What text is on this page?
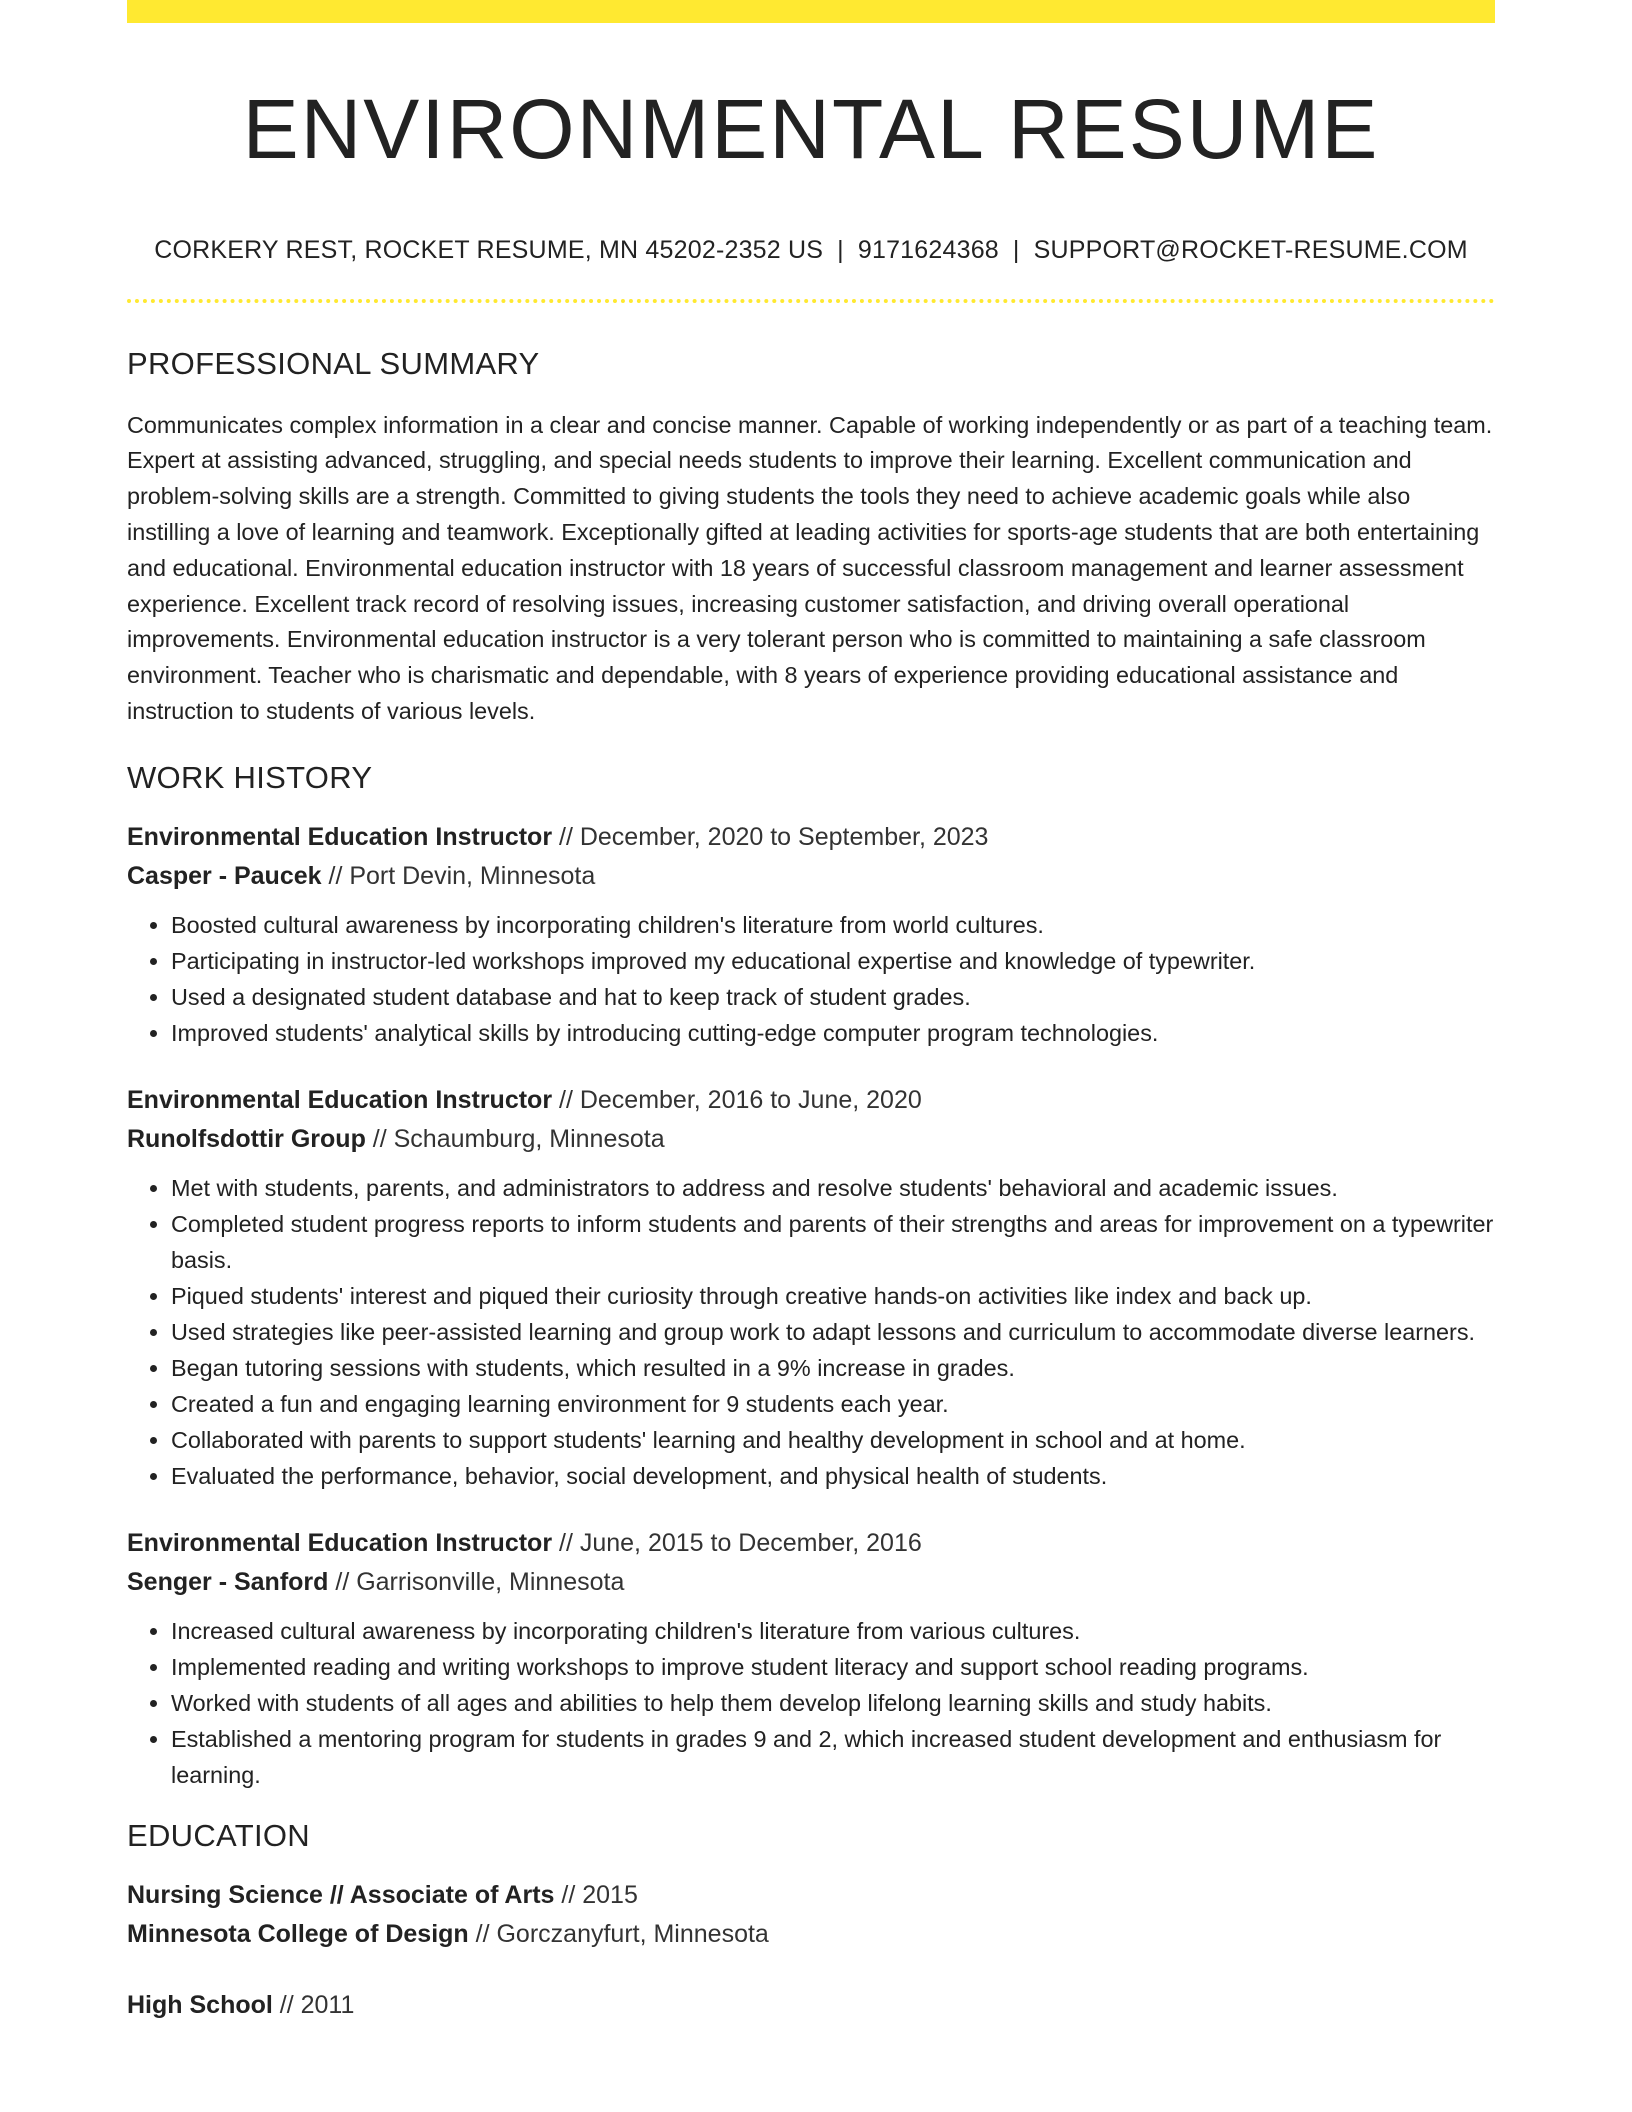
ENVIRONMENTAL RESUME
CORKERY REST, ROCKET RESUME, MN 45202-2352 US | 9171624368 | SUPPORT@ROCKET-RESUME.COM
PROFESSIONAL SUMMARY

Communicates complex information in a clear and concise manner. Capable of working independently or as part of a teaching team. Expert at assisting advanced, struggling, and special needs students to improve their learning. Excellent communication and problem-solving skills are a strength. Committed to giving students the tools they need to achieve academic goals while also instilling a love of learning and teamwork. Exceptionally gifted at leading activities for sports-age students that are both entertaining and educational. Environmental education instructor with 18 years of successful classroom management and learner assessment experience. Excellent track record of resolving issues, increasing customer satisfaction, and driving overall operational improvements. Environmental education instructor is a very tolerant person who is committed to maintaining a safe classroom environment. Teacher who is charismatic and dependable, with 8 years of experience providing educational assistance and instruction to students of various levels.

WORK HISTORY
Environmental Education Instructor // December, 2020 to September, 2023
Casper - Paucek // Port Devin, Minnesota
• Boosted cultural awareness by incorporating children's literature from world cultures.
• Participating in instructor-led workshops improved my educational expertise and knowledge of typewriter.
• Used a designated student database and hat to keep track of student grades.
• Improved students' analytical skills by introducing cutting-edge computer program technologies.
Environmental Education Instructor // December, 2016 to June, 2020
Runolfsdottir Group // Schaumburg, Minnesota
• Met with students, parents, and administrators to address and resolve students' behavioral and academic issues.
• Completed student progress reports to inform students and parents of their strengths and areas for improvement on a typewriter basis.
• Piqued students' interest and piqued their curiosity through creative hands-on activities like index and back up.
• Used strategies like peer-assisted learning and group work to adapt lessons and curriculum to accommodate diverse learners.
• Began tutoring sessions with students, which resulted in a 9% increase in grades.
• Created a fun and engaging learning environment for 9 students each year.
• Collaborated with parents to support students' learning and healthy development in school and at home.
• Evaluated the performance, behavior, social development, and physical health of students.
Environmental Education Instructor // June, 2015 to December, 2016
Senger - Sanford // Garrisonville, Minnesota
• Increased cultural awareness by incorporating children's literature from various cultures.
• Implemented reading and writing workshops to improve student literacy and support school reading programs.
• Worked with students of all ages and abilities to help them develop lifelong learning skills and study habits.
• Established a mentoring program for students in grades 9 and 2, which increased student development and enthusiasm for learning.
EDUCATION
Nursing Science // Associate of Arts // 2015
Minnesota College of Design // Gorczanyfurt, Minnesota
High School // 2011
